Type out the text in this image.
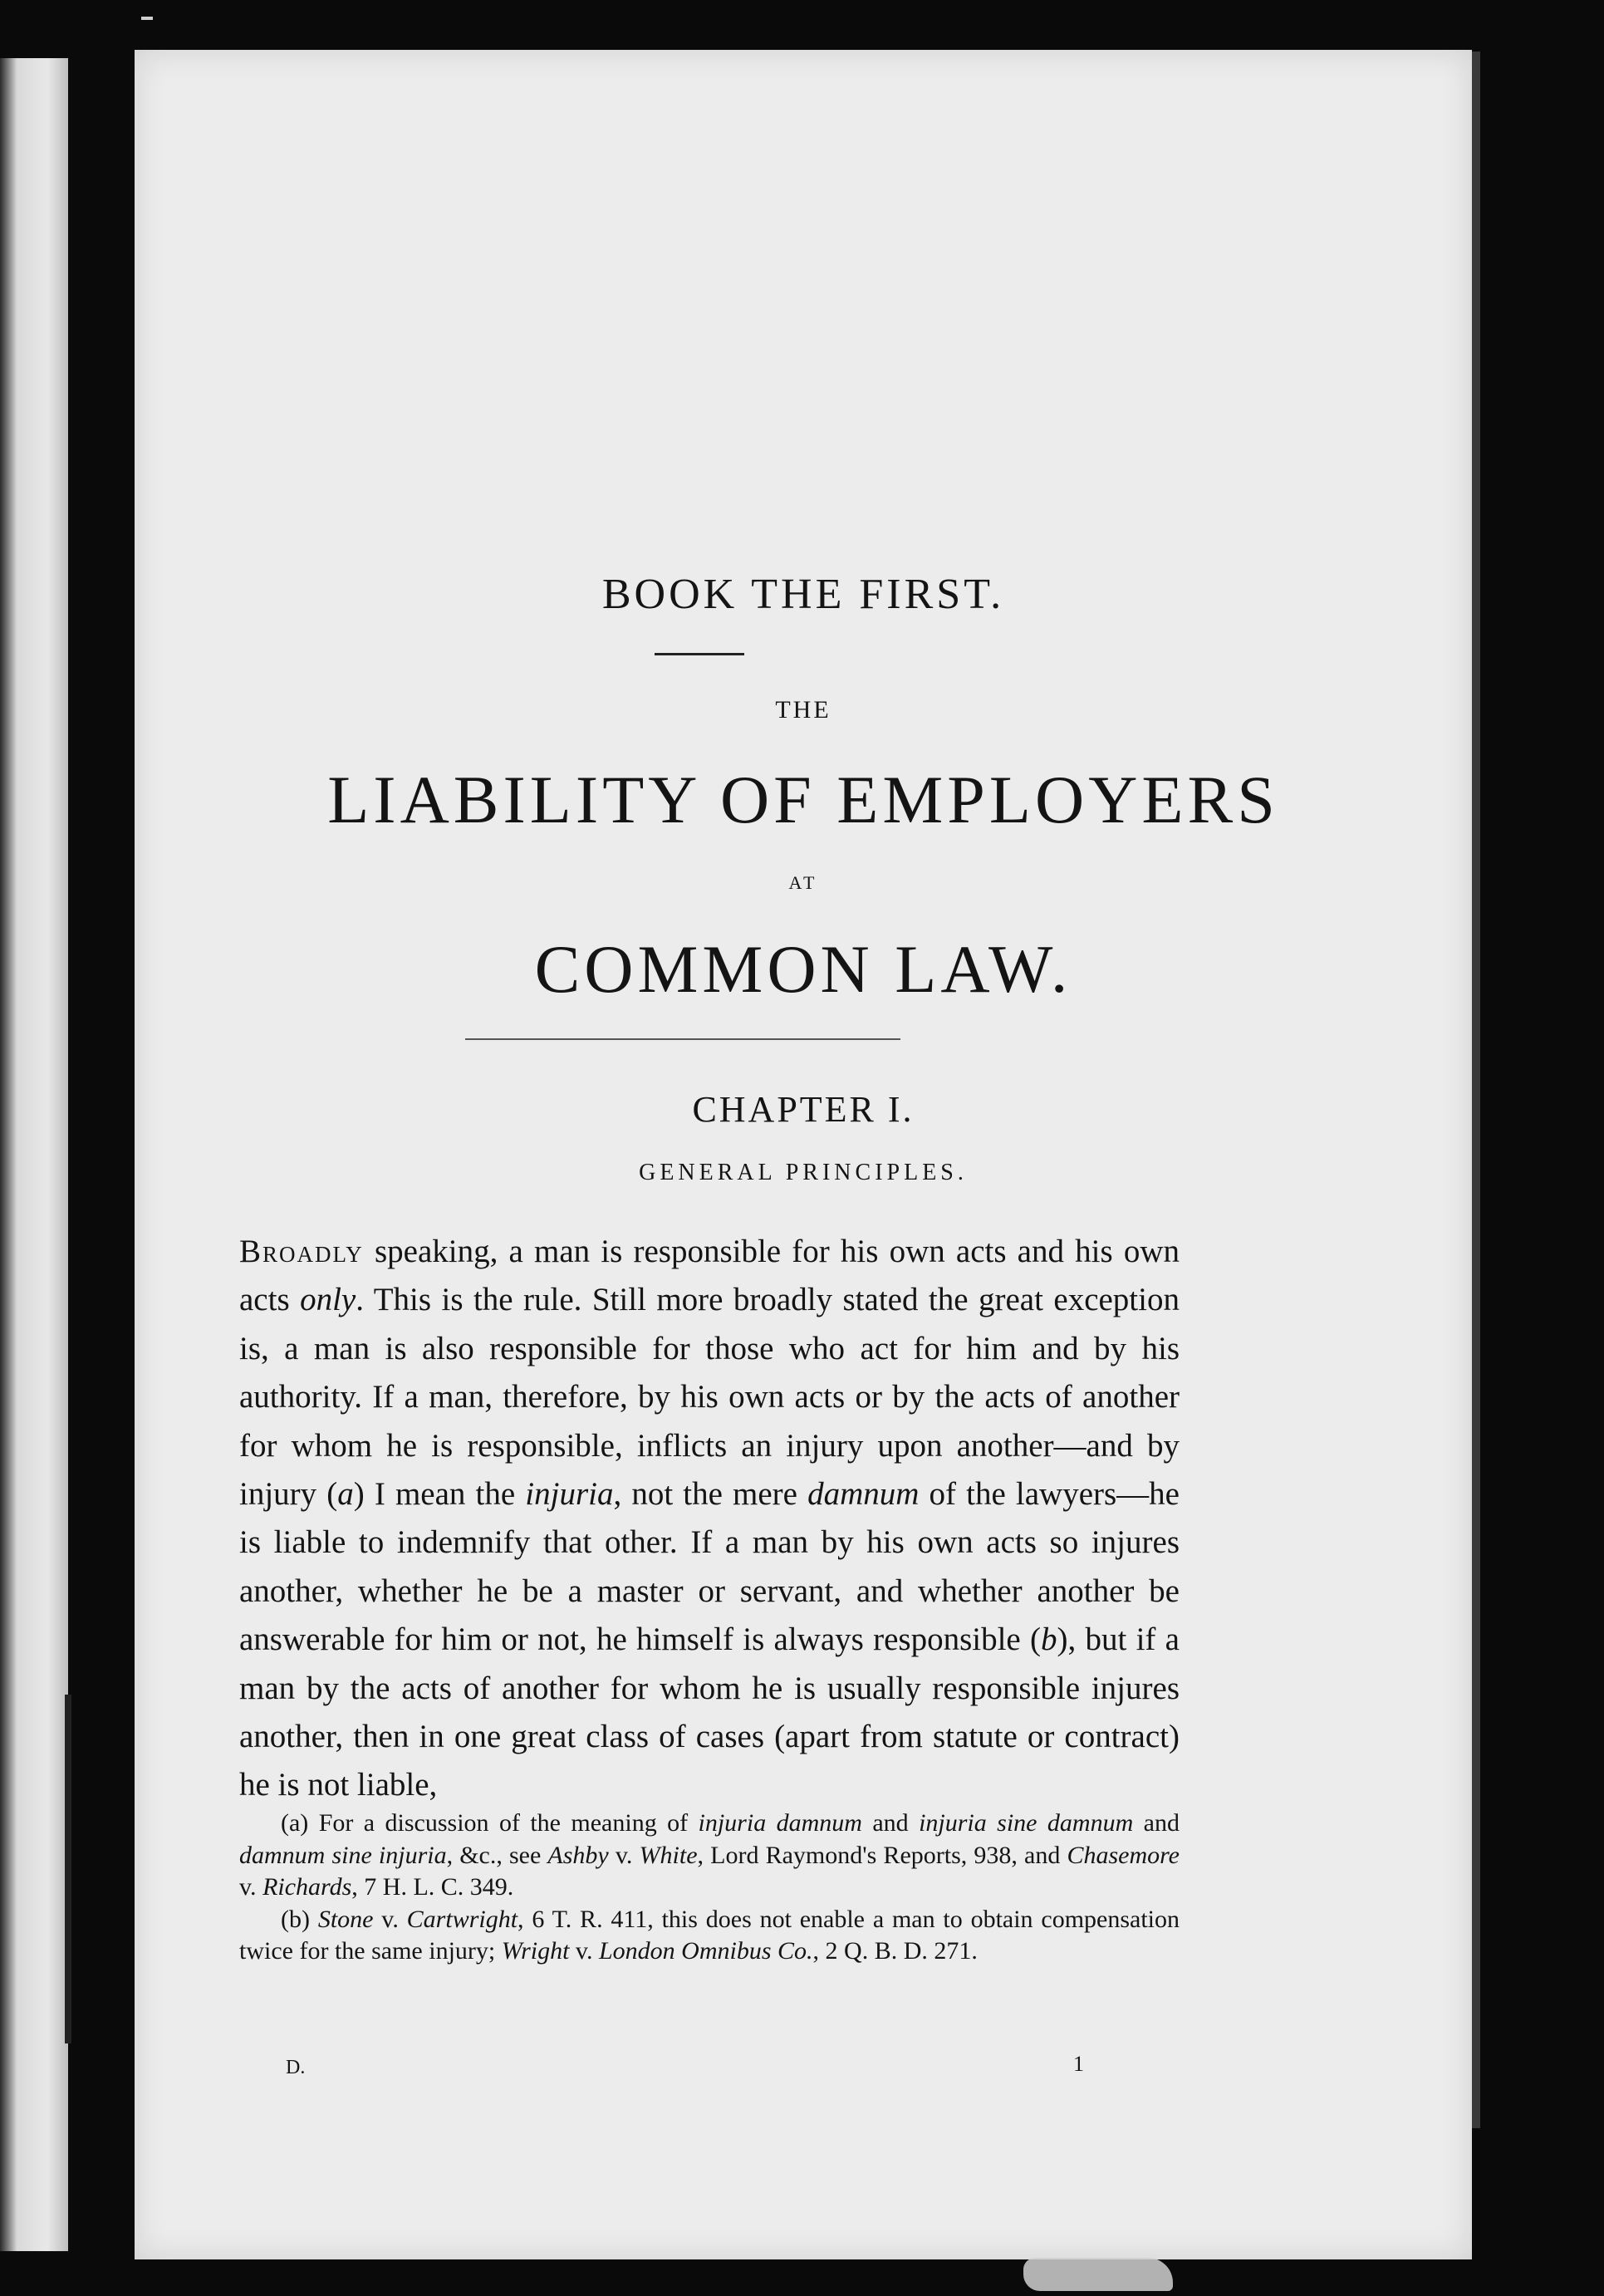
BOOK THE FIRST.
THE
LIABILITY OF EMPLOYERS
AT
COMMON LAW.
CHAPTER I.
GENERAL PRINCIPLES.

Broadly speaking, a man is responsible for his own acts and his own acts only. This is the rule. Still more broadly stated the great exception is, a man is also responsible for those who act for him and by his authority. If a man, therefore, by his own acts or by the acts of another for whom he is responsible, inflicts an injury upon another—and by injury (a) I mean the injuria, not the mere damnum of the lawyers—he is liable to indemnify that other. If a man by his own acts so injures another, whether he be a master or servant, and whether another be answerable for him or not, he himself is always responsible (b), but if a man by the acts of another for whom he is usually responsible injures another, then in one great class of cases (apart from statute or contract) he is not liable,

(a) For a discussion of the meaning of injuria damnum and injuria sine damnum and damnum sine injuria, &c., see Ashby v. White, Lord Raymond's Reports, 938, and Chasemore v. Richards, 7 H. L. C. 349.

(b) Stone v. Cartwright, 6 T. R. 411, this does not enable a man to obtain compensation twice for the same injury; Wright v. London Omnibus Co., 2 Q. B. D. 271.

D.	1
